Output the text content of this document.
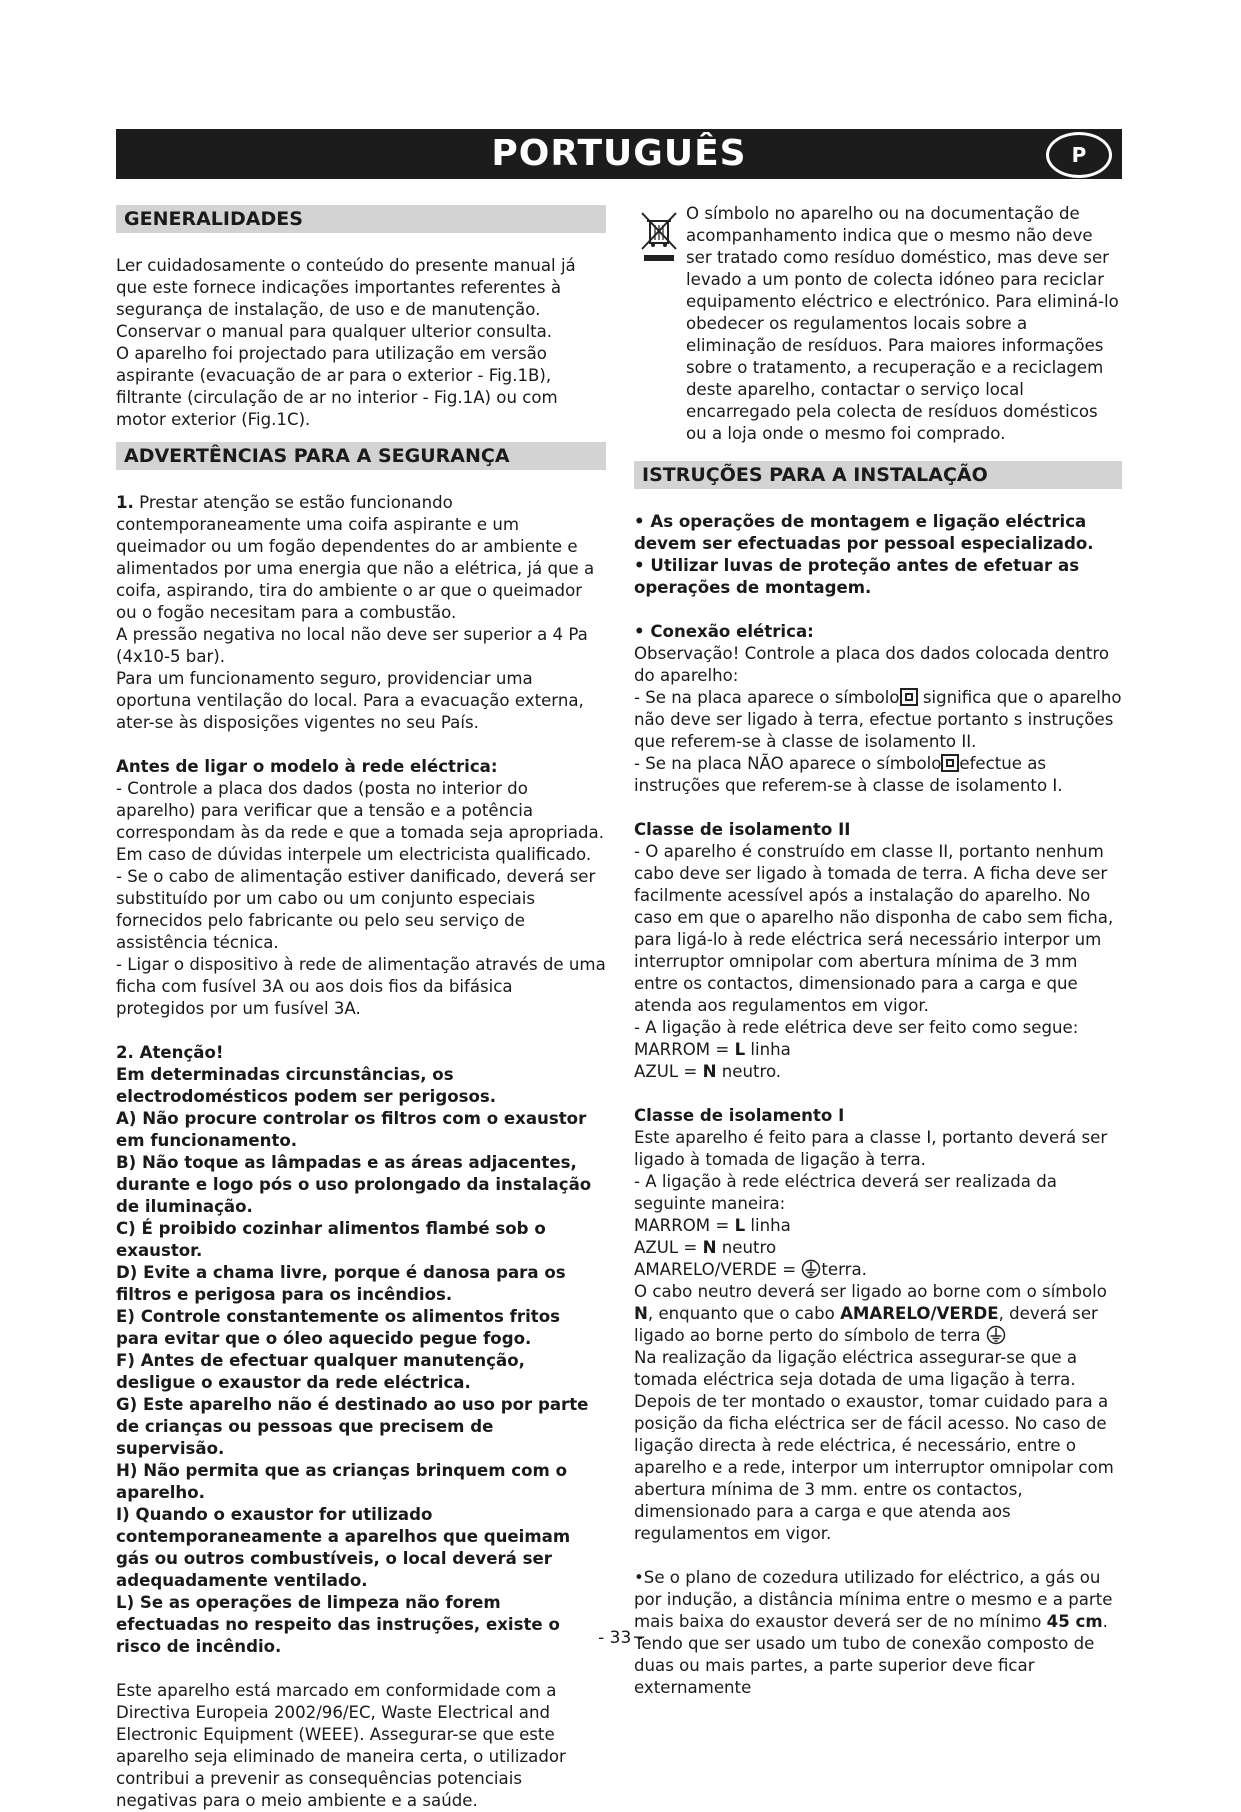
PORTUGUÊS	P
GENERALIDADES

Ler cuidadosamente o conteúdo do presente manual já que este fornece indicações importantes referentes à segurança de instalação, de uso e de manutenção. Conservar o manual para qualquer ulterior consulta.

O aparelho foi projectado para utilização em versão aspirante (evacuação de ar para o exterior - Fig.1B), filtrante (circulação de ar no interior - Fig.1A) ou com motor exterior (Fig.1C).

ADVERTÊNCIAS PARA A SEGURANÇA

1. Prestar atenção se estão funcionando contemporaneamente uma coifa aspirante e um queimador ou um fogão dependentes do ar ambiente e alimentados por uma energia que não a elétrica, já que a coifa, aspirando, tira do ambiente o ar que o queimador ou o fogão necesitam para a combustão.

A pressão negativa no local não deve ser superior a 4 Pa (4x10-5 bar).

Para um funcionamento seguro, providenciar uma oportuna ventilação do local. Para a evacuação externa, ater-se às disposições vigentes no seu País.

Antes de ligar o modelo à rede eléctrica:

- Controle a placa dos dados (posta no interior do aparelho) para verificar que a tensão e a potência correspondam às da rede e que a tomada seja apropriada. Em caso de dúvidas interpele um electricista qualificado.

- Se o cabo de alimentação estiver danificado, deverá ser substituído por um cabo ou um conjunto especiais fornecidos pelo fabricante ou pelo seu serviço de assistência técnica.

- Ligar o dispositivo à rede de alimentação através de uma ficha com fusível 3A ou aos dois fios da bifásica protegidos por um fusível 3A.

2. Atenção!

Em determinadas circunstâncias, os electrodomésticos podem ser perigosos.

A) Não procure controlar os filtros com o exaustor em funcionamento.

B) Não toque as lâmpadas e as áreas adjacentes, durante e logo pós o uso prolongado da instalação de iluminação.

C) É proibido cozinhar alimentos flambé sob o exaustor.

D) Evite a chama livre, porque é danosa para os filtros e perigosa para os incêndios.

E) Controle constantemente os alimentos fritos para evitar que o óleo aquecido pegue fogo.

F) Antes de efectuar qualquer manutenção, desligue o exaustor da rede eléctrica.

G) Este aparelho não é destinado ao uso por parte de crianças ou pessoas que precisem de supervisão.

H) Não permita que as crianças brinquem com o aparelho.

I) Quando o exaustor for utilizado contemporaneamente a aparelhos que queimam gás ou outros combustíveis, o local deverá ser adequadamente ventilado.

L) Se as operações de limpeza não forem efectuadas no respeito das instruções, existe o risco de incêndio.

Este aparelho está marcado em conformidade com a Directiva Europeia 2002/96/EC, Waste Electrical and Electronic Equipment (WEEE). Assegurar-se que este aparelho seja eliminado de maneira certa, o utilizador contribui a prevenir as consequências potenciais negativas para o meio ambiente e a saúde.

O símbolo no aparelho ou na documentação de acompanhamento indica que o mesmo não deve ser tratado como resíduo doméstico, mas deve ser levado a um ponto de colecta idóneo para reciclar equipamento eléctrico e electrónico. Para eliminá-lo obedecer os regulamentos locais sobre a eliminação de resíduos. Para maiores informações sobre o tratamento, a recuperação e a reciclagem deste aparelho, contactar o serviço local encarregado pela colecta de resíduos domésticos ou a loja onde o mesmo foi comprado.

ISTRUÇÕES PARA A INSTALAÇÃO

• As operações de montagem e ligação eléctrica devem ser efectuadas por pessoal especializado.

• Utilizar luvas de proteção antes de efetuar as operações de montagem.

• Conexão elétrica:

Observação! Controle a placa dos dados colocada dentro do aparelho:

- Se na placa aparece o símbolo significa que o aparelho não deve ser ligado à terra, efectue portanto s instruções que referem-se à classe de isolamento II.

- Se na placa NÃO aparece o símbolo efectue as instruções que referem-se à classe de isolamento I.

Classe de isolamento II

- O aparelho é construído em classe II, portanto nenhum cabo deve ser ligado à tomada de terra. A ficha deve ser facilmente acessível após a instalação do aparelho. No caso em que o aparelho não disponha de cabo sem ficha, para ligá-lo à rede eléctrica será necessário interpor um interruptor omnipolar com abertura mínima de 3 mm entre os contactos, dimensionado para a carga e que atenda aos regulamentos em vigor.

- A ligação à rede elétrica deve ser feito como segue:

MARROM = L linha

AZUL = N neutro.

Classe de isolamento I

Este aparelho é feito para a classe I, portanto deverá ser ligado à tomada de ligação à terra.

- A ligação à rede eléctrica deverá ser realizada da seguinte maneira:

MARROM = L linha

AZUL = N neutro

AMARELO/VERDE = terra.

O cabo neutro deverá ser ligado ao borne com o símbolo N, enquanto que o cabo AMARELO/VERDE, deverá ser ligado ao borne perto do símbolo de terra

Na realização da ligação eléctrica assegurar-se que a tomada eléctrica seja dotada de uma ligação à terra. Depois de ter montado o exaustor, tomar cuidado para a posição da ficha eléctrica ser de fácil acesso. No caso de ligação directa à rede eléctrica, é necessário, entre o aparelho e a rede, interpor um interruptor omnipolar com abertura mínima de 3 mm. entre os contactos, dimensionado para a carga e que atenda aos regulamentos em vigor.

•Se o plano de cozedura utilizado for eléctrico, a gás ou por indução, a distância mínima entre o mesmo e a parte mais baixa do exaustor deverá ser de no mínimo 45 cm.

Tendo que ser usado um tubo de conexão composto de duas ou mais partes, a parte superior deve ficar externamente

- 33 -
